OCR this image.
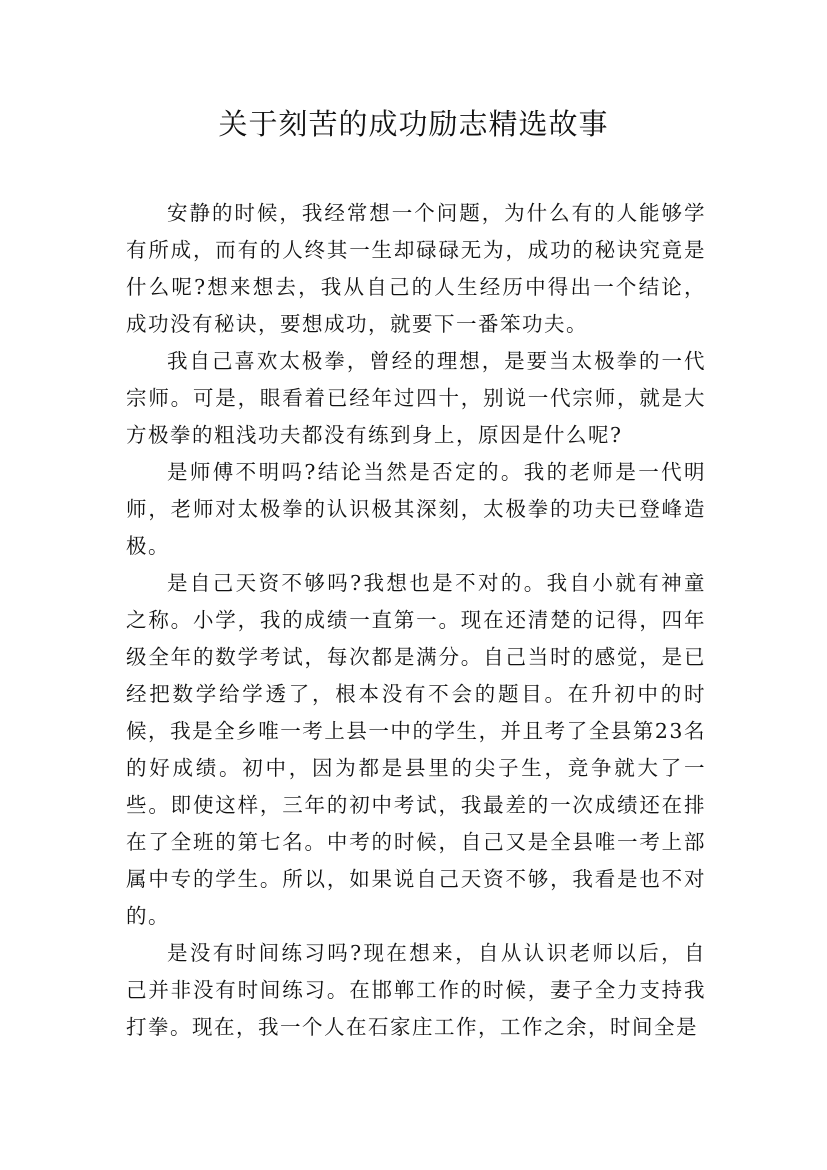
关于刻苦的成功励志精选故事

安静的时候，我经常想一个问题，为什么有的人能够学有所成，而有的人终其一生却碌碌无为，成功的秘诀究竟是什么呢?想来想去，我从自己的人生经历中得出一个结论，成功没有秘诀，要想成功，就要下一番笨功夫。

我自己喜欢太极拳，曾经的理想，是要当太极拳的一代宗师。可是，眼看着已经年过四十，别说一代宗师，就是大方极拳的粗浅功夫都没有练到身上，原因是什么呢?

是师傅不明吗?结论当然是否定的。我的老师是一代明师，老师对太极拳的认识极其深刻，太极拳的功夫已登峰造极。

是自己天资不够吗?我想也是不对的。我自小就有神童之称。小学，我的成绩一直第一。现在还清楚的记得，四年级全年的数学考试，每次都是满分。自己当时的感觉，是已经把数学给学透了，根本没有不会的题目。在升初中的时候，我是全乡唯一考上县一中的学生，并且考了全县第23名的好成绩。初中，因为都是县里的尖子生，竞争就大了一些。即使这样，三年的初中考试，我最差的一次成绩还在排在了全班的第七名。中考的时候，自己又是全县唯一考上部属中专的学生。所以，如果说自己天资不够，我看是也不对的。

是没有时间练习吗?现在想来，自从认识老师以后，自己并非没有时间练习。在邯郸工作的时候，妻子全力支持我打拳。现在，我一个人在石家庄工作，工作之余，时间全是
